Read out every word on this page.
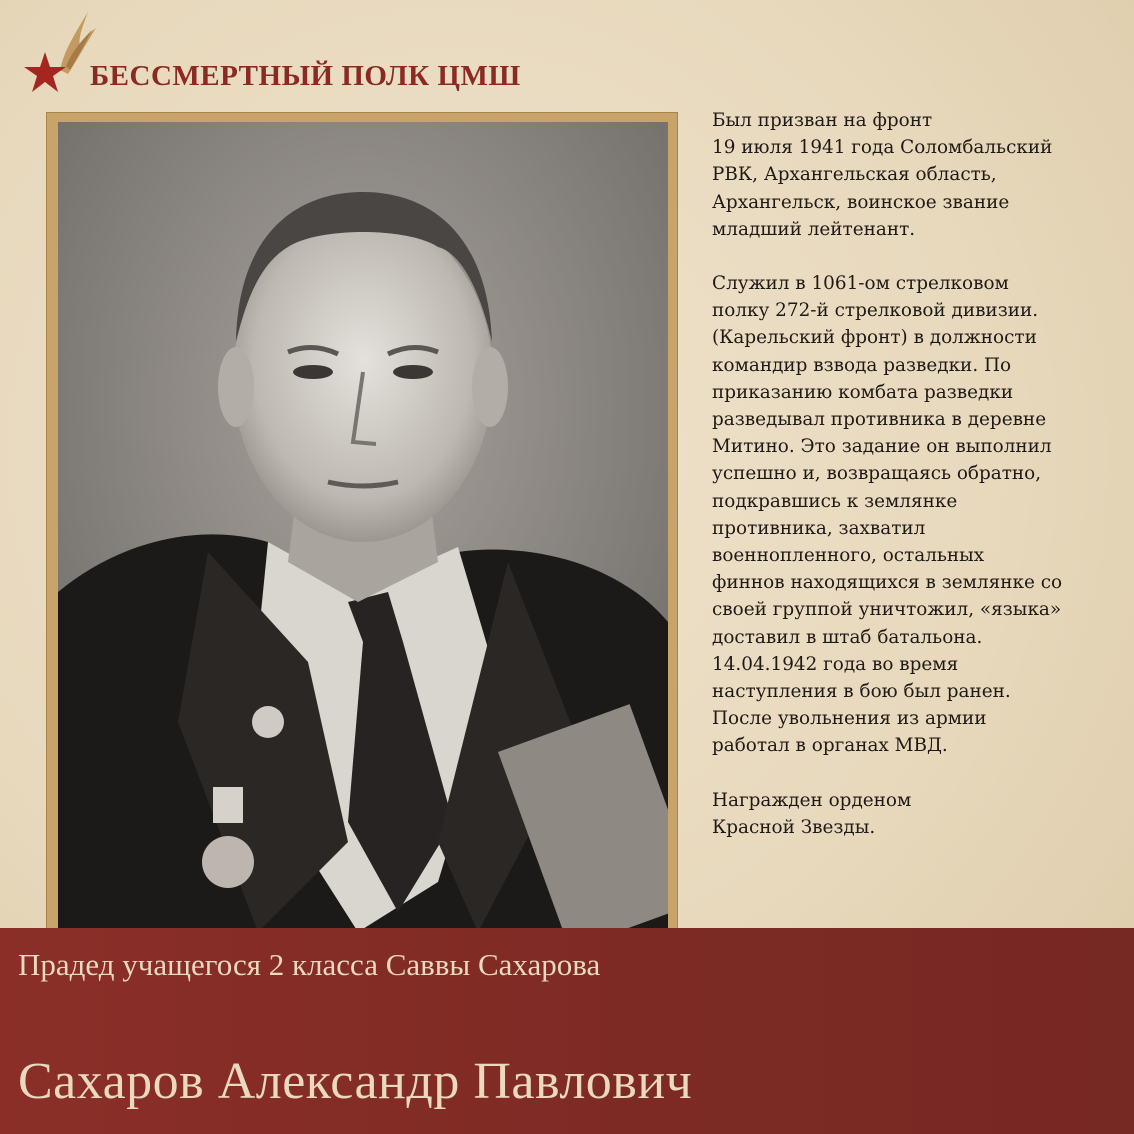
БЕССМЕРТНЫЙ ПОЛК ЦМШ

Был призван на фронт
19 июля 1941 года Соломбальский
РВК, Архангельская область,
Архангельск, воинское звание
младший лейтенант.

Служил в 1061-ом стрелковом
полку 272-й стрелковой дивизии.
(Карельский фронт) в должности
командир взвода разведки. По
приказанию комбата разведки
разведывал противника в деревне
Митино. Это задание он выполнил
успешно и, возвращаясь обратно,
подкравшись к землянке
противника, захватил
военнопленного, остальных
финнов находящихся в землянке со
своей группой уничтожил, «языка»
доставил в штаб батальона.
14.04.1942 года во время
наступления в бою был ранен.
После увольнения из армии
работал в органах МВД.

Награжден орденом
Красной Звезды.

Прадед учащегося 2 класса Саввы Сахарова
Сахаров Александр Павлович
